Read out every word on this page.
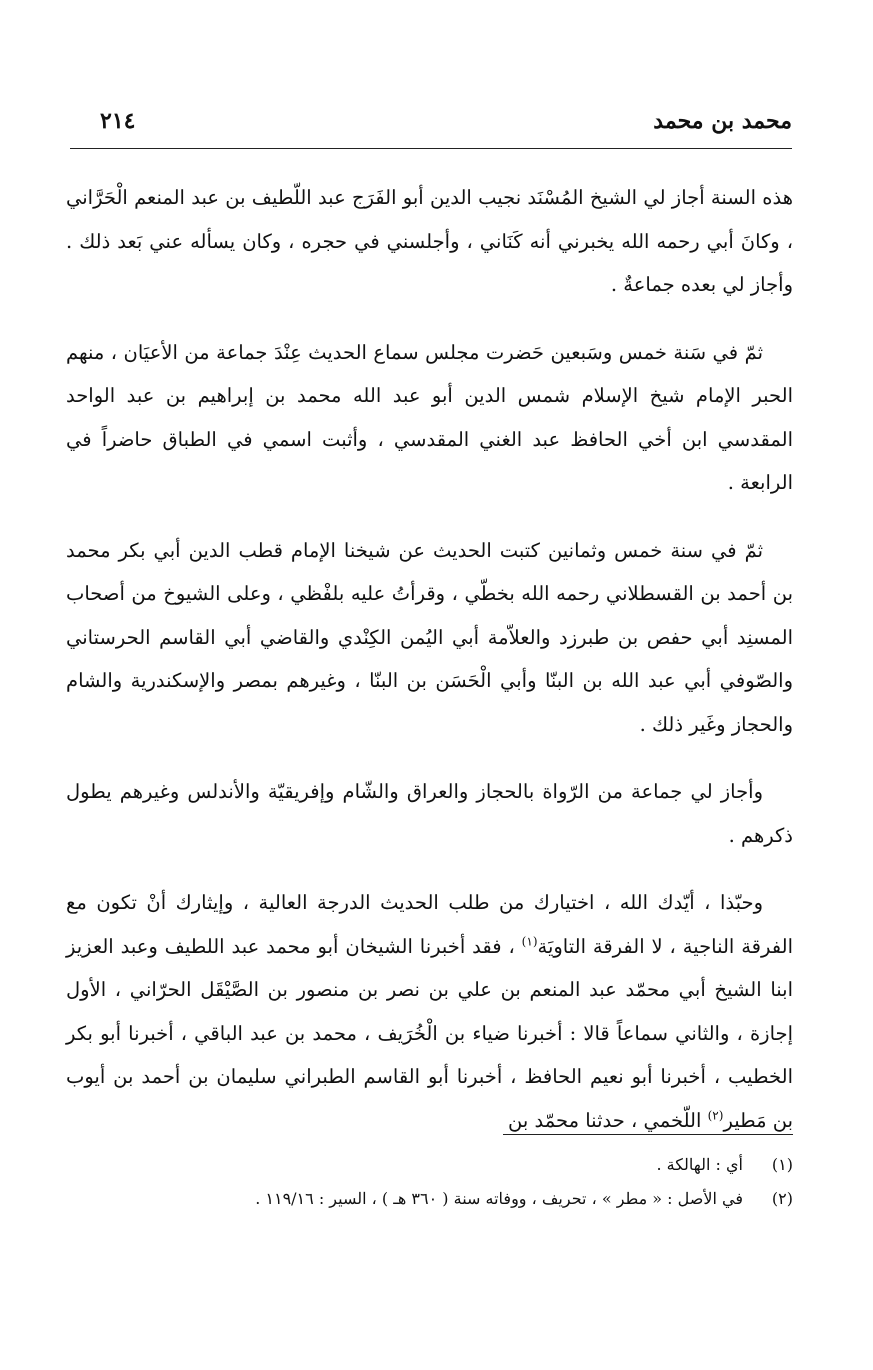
محمد بن محمد
٢١٤

هذه السنة أجاز لي الشيخ المُسْنَد نجيب الدين أبو الفَرَج عبد اللّطيف بن عبد المنعم الْحَرَّاني ، وكانَ أبي رحمه الله يخبرني أنه كَنَاني ، وأجلسني في حجره ، وكان يسأله عني بَعد ذلك . وأجاز لي بعده جماعةٌ .

ثمّ في سَنة خمس وسَبعين حَضرت مجلس سماع الحديث عِنْدَ جماعة من الأعيَان ، منهم الحبر الإمام شيخ الإسلام شمس الدين أبو عبد الله محمد بن إبراهيم بن عبد الواحد المقدسي ابن أخي الحافظ عبد الغني المقدسي ، وأثبت اسمي في الطباق حاضراً في الرابعة .

ثمّ في سنة خمس وثمانين كتبت الحديث عن شيخنا الإمام قطب الدين أبي بكر محمد بن أحمد بن القسطلاني رحمه الله بخطّي ، وقرأتُ عليه بلفْظي ، وعلى الشيوخ من أصحاب المسنِد أبي حفص بن طبرزد والعلاّمة أبي اليُمن الكِنْدي والقاضي أبي القاسم الحرستاني والصّوفي أبي عبد الله بن البنّا وأبي الْحَسَن بن البنّا ، وغيرهم بمصر والإسكندرية والشام والحجاز وغَير ذلك .

وأجاز لي جماعة من الرّواة بالحجاز والعراق والشّام وإفريقيّة والأندلس وغيرهم يطول ذكرهم .

وحبّذا ، أيّدك الله ، اختيارك من طلب الحديث الدرجة العالية ، وإيثارك أنْ تكون مع الفرقة الناجية ، لا الفرقة التاويَة$^{(١)}$ ، فقد أخبرنا الشيخان أبو محمد عبد اللطيف وعبد العزيز ابنا الشيخ أبي محمّد عبد المنعم بن علي بن نصر بن منصور بن الصَّيْقَل الحرّاني ، الأول إجازة ، والثاني سماعاً قالا : أخبرنا ضياء بن الْخُرَيف ، محمد بن عبد الباقي ، أخبرنا أبو بكر الخطيب ، أخبرنا أبو نعيم الحافظ ، أخبرنا أبو القاسم الطبراني سليمان بن أحمد بن أيوب بن مَطير$^{(٢)}$ اللّخمي ، حدثنا محمّد بن

(١)
أي : الهالكة .
(٢)
في الأصل : « مطر » ، تحريف ، ووفاته سنة ( ٣٦٠ هـ ) ، السير : ١١٩/١٦ .
